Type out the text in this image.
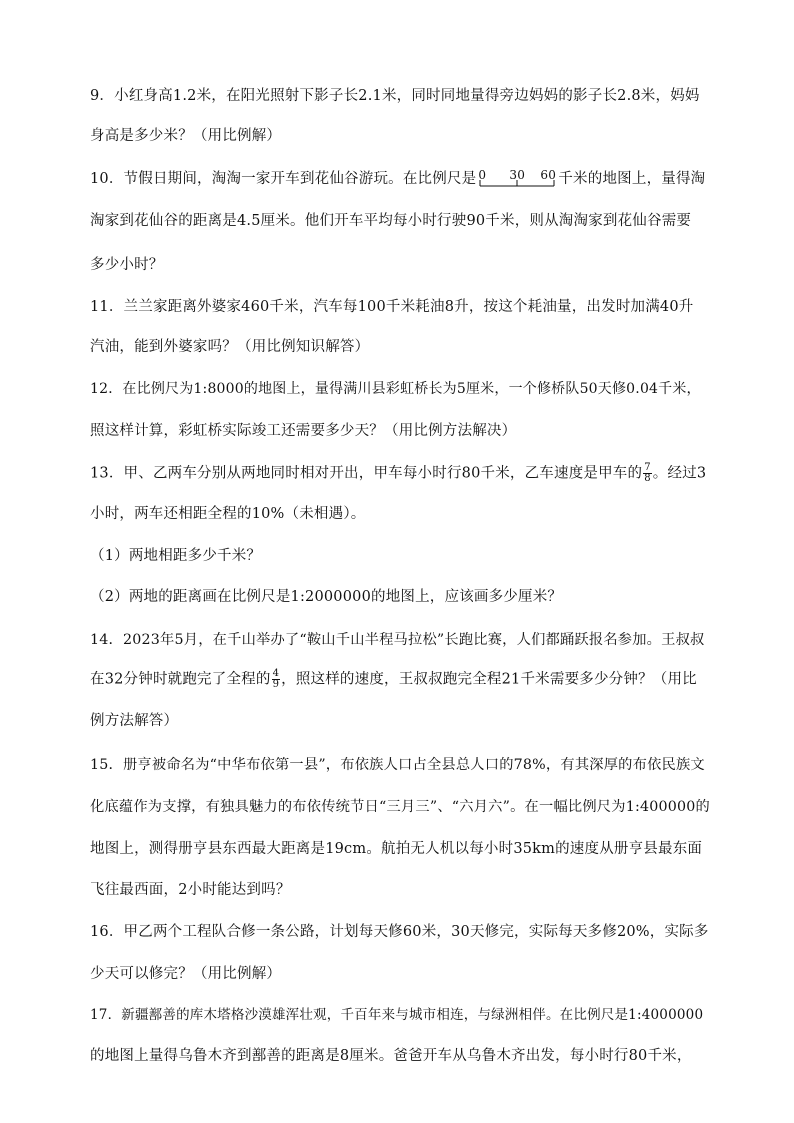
9．小红身高1.2米，在阳光照射下影子长2.1米，同时同地量得旁边妈妈的影子长2.8米，妈妈
身高是多少米？（用比例解）
10．节假日期间，淘淘一家开车到花仙谷游玩。在比例尺是 0 30 60 千米的地图上，量得淘
淘家到花仙谷的距离是4.5厘米。他们开车平均每小时行驶90千米，则从淘淘家到花仙谷需要
多少小时？
11．兰兰家距离外婆家460千米，汽车每100千米耗油8升，按这个耗油量，出发时加满40升
汽油，能到外婆家吗？（用比例知识解答）
12．在比例尺为1:8000的地图上，量得满川县彩虹桥长为5厘米，一个修桥队50天修0.04千米，
照这样计算，彩虹桥实际竣工还需要多少天？（用比例方法解决）
13．甲、乙两车分别从两地同时相对开出，甲车每小时行80千米，乙车速度是甲车的 $\frac{7}{8}$ 。经过3
小时，两车还相距全程的10%（未相遇）。
（1）两地相距多少千米？
（2）两地的距离画在比例尺是1:2000000的地图上，应该画多少厘米？
14．2023年5月，在千山举办了“鞍山千山半程马拉松”长跑比赛，人们都踊跃报名参加。王叔叔
在32分钟时就跑完了全程的 $\frac{4}{9}$ ，照这样的速度，王叔叔跑完全程21千米需要多少分钟？（用比
例方法解答）
15．册亨被命名为“中华布依第一县”，布依族人口占全县总人口的78%，有其深厚的布依民族文
化底蕴作为支撑，有独具魅力的布依传统节日“三月三”、“六月六”。在一幅比例尺为1:400000的
地图上，测得册亨县东西最大距离是19cm。航拍无人机以每小时35km的速度从册亨县最东面
飞往最西面，2小时能达到吗？
16．甲乙两个工程队合修一条公路，计划每天修60米，30天修完，实际每天多修20%，实际多
少天可以修完？（用比例解）
17．新疆鄯善的库木塔格沙漠雄浑壮观，千百年来与城市相连，与绿洲相伴。在比例尺是1:4000000
的地图上量得乌鲁木齐到鄯善的距离是8厘米。爸爸开车从乌鲁木齐出发，每小时行80千米，
